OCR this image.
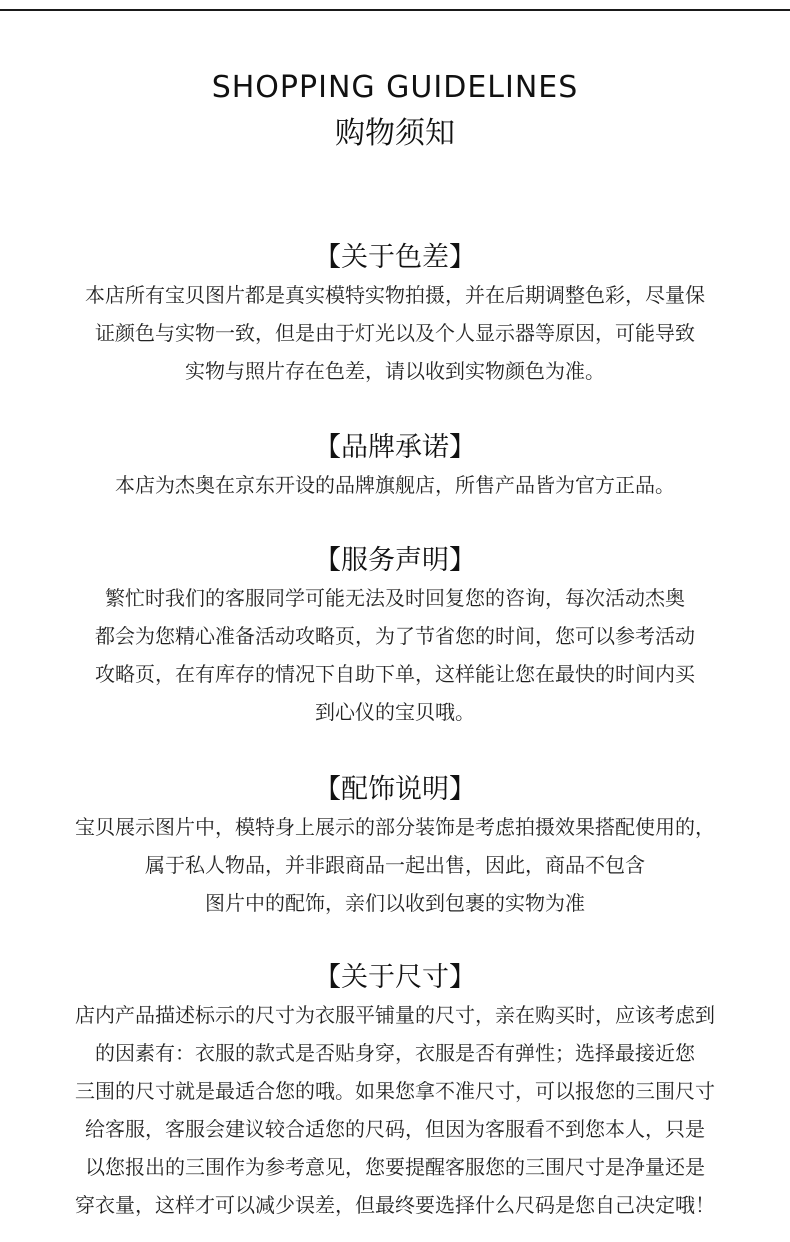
SHOPPING GUIDELINES
购物须知
【关于色差】
本店所有宝贝图片都是真实模特实物拍摄，并在后期调整色彩，尽量保
证颜色与实物一致，但是由于灯光以及个人显示器等原因，可能导致
实物与照片存在色差，请以收到实物颜色为准。
【品牌承诺】
本店为杰奥在京东开设的品牌旗舰店，所售产品皆为官方正品。
【服务声明】
繁忙时我们的客服同学可能无法及时回复您的咨询，每次活动杰奥
都会为您精心准备活动攻略页，为了节省您的时间，您可以参考活动
攻略页，在有库存的情况下自助下单，这样能让您在最快的时间内买
到心仪的宝贝哦。
【配饰说明】
宝贝展示图片中，模特身上展示的部分装饰是考虑拍摄效果搭配使用的，
属于私人物品，并非跟商品一起出售，因此，商品不包含
图片中的配饰，亲们以收到包裹的实物为准
【关于尺寸】
店内产品描述标示的尺寸为衣服平铺量的尺寸，亲在购买时，应该考虑到
的因素有：衣服的款式是否贴身穿，衣服是否有弹性；选择最接近您
三围的尺寸就是最适合您的哦。如果您拿不准尺寸，可以报您的三围尺寸
给客服，客服会建议较合适您的尺码，但因为客服看不到您本人，只是
以您报出的三围作为参考意见，您要提醒客服您的三围尺寸是净量还是
穿衣量，这样才可以减少误差，但最终要选择什么尺码是您自己决定哦！
